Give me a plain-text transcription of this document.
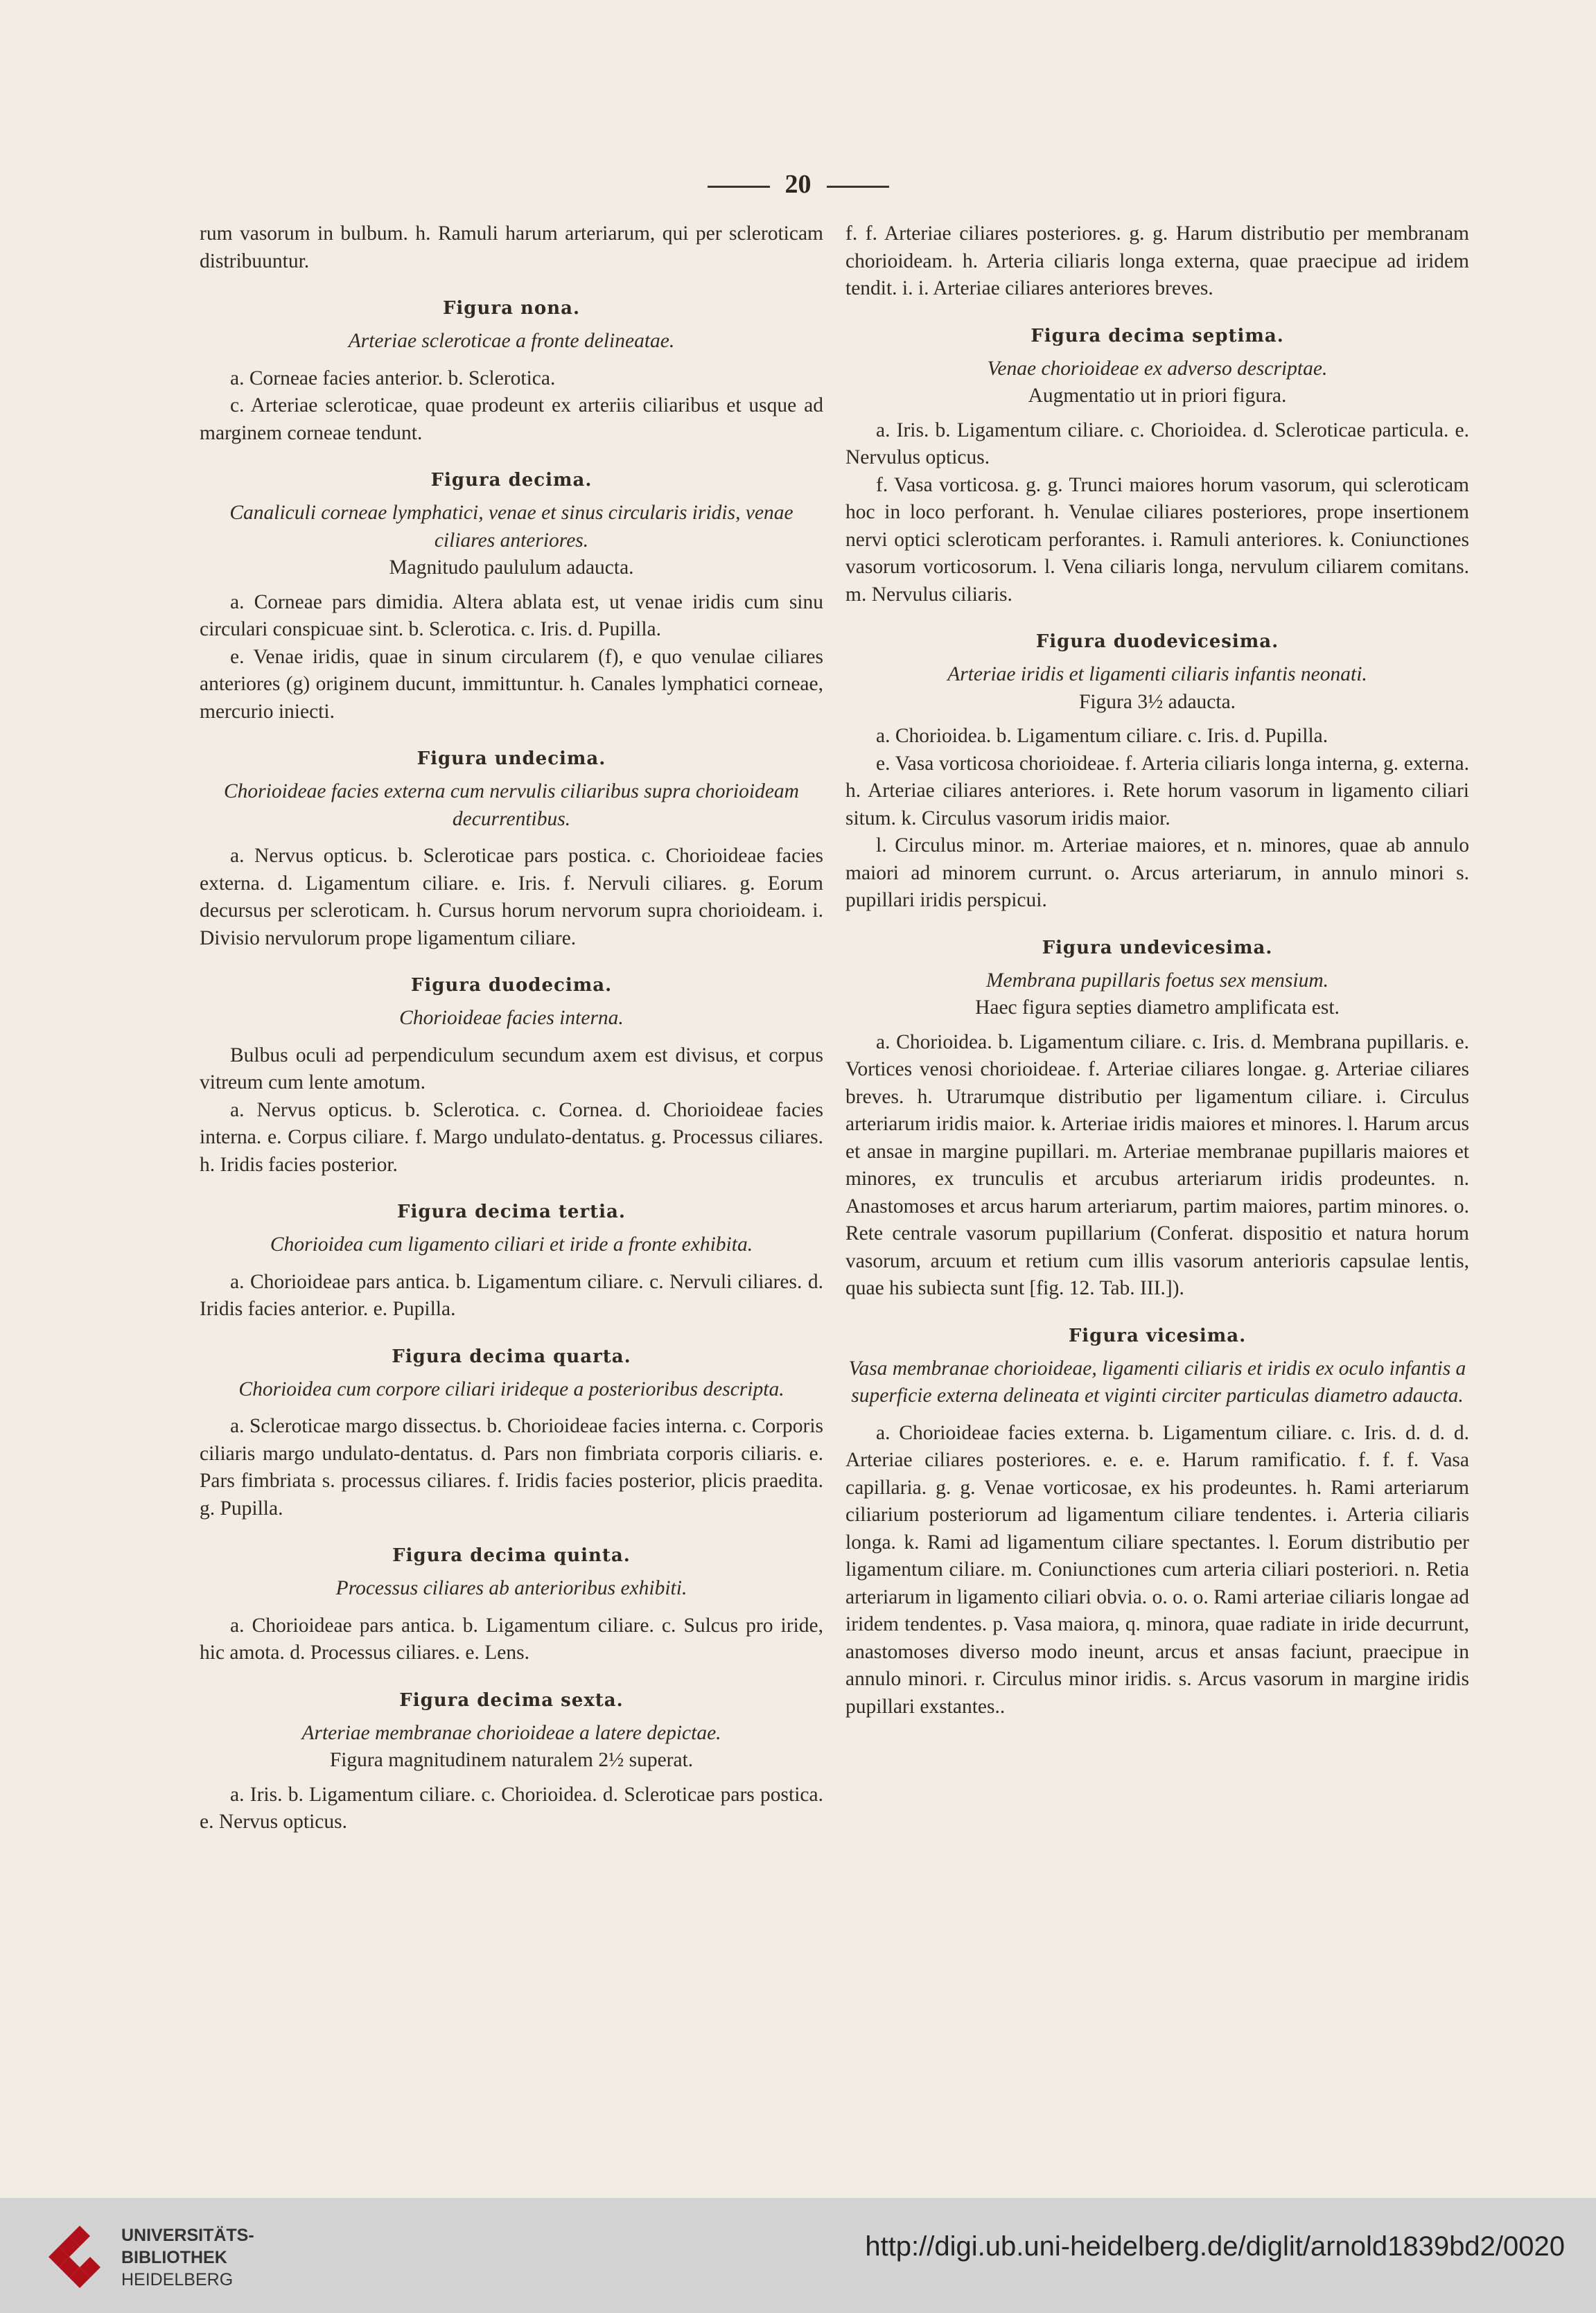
20

rum vasorum in bulbum. h. Ramuli harum arteriarum, qui per scleroticam distribuuntur.

Figura nona.
Arteriae scleroticae a fronte delineatae.

a. Corneae facies anterior. b. Sclerotica.

c. Arteriae scleroticae, quae prodeunt ex arteriis ciliaribus et usque ad marginem corneae tendunt.

Figura decima.
Canaliculi corneae lymphatici, venae et sinus circularis iridis, venae ciliares anteriores.
Magnitudo paululum adaucta.

a. Corneae pars dimidia. Altera ablata est, ut venae iridis cum sinu circulari conspicuae sint. b. Sclerotica. c. Iris. d. Pupilla.

e. Venae iridis, quae in sinum circularem (f), e quo venulae ciliares anteriores (g) originem ducunt, immittuntur. h. Canales lymphatici corneae, mercurio iniecti.

Figura undecima.
Chorioideae facies externa cum nervulis ciliaribus supra chorioideam decurrentibus.

a. Nervus opticus. b. Scleroticae pars postica. c. Chorioideae facies externa. d. Ligamentum ciliare. e. Iris. f. Nervuli ciliares. g. Eorum decursus per scleroticam. h. Cursus horum nervorum supra chorioideam. i. Divisio nervulorum prope ligamentum ciliare.

Figura duodecima.
Chorioideae facies interna.

Bulbus oculi ad perpendiculum secundum axem est divisus, et corpus vitreum cum lente amotum.

a. Nervus opticus. b. Sclerotica. c. Cornea. d. Chorioideae facies interna. e. Corpus ciliare. f. Margo undulato-dentatus. g. Processus ciliares. h. Iridis facies posterior.

Figura decima tertia.
Chorioidea cum ligamento ciliari et iride a fronte exhibita.

a. Chorioideae pars antica. b. Ligamentum ciliare. c. Nervuli ciliares. d. Iridis facies anterior. e. Pupilla.

Figura decima quarta.
Chorioidea cum corpore ciliari irideque a posterioribus descripta.

a. Scleroticae margo dissectus. b. Chorioideae facies interna. c. Corporis ciliaris margo undulato-dentatus. d. Pars non fimbriata corporis ciliaris. e. Pars fimbriata s. processus ciliares. f. Iridis facies posterior, plicis praedita. g. Pupilla.

Figura decima quinta.
Processus ciliares ab anterioribus exhibiti.

a. Chorioideae pars antica. b. Ligamentum ciliare. c. Sulcus pro iride, hic amota. d. Processus ciliares. e. Lens.

Figura decima sexta.
Arteriae membranae chorioideae a latere depictae.
Figura magnitudinem naturalem 2½ superat.

a. Iris. b. Ligamentum ciliare. c. Chorioidea. d. Scleroticae pars postica. e. Nervus opticus.

f. f. Arteriae ciliares posteriores. g. g. Harum distributio per membranam chorioideam. h. Arteria ciliaris longa externa, quae praecipue ad iridem tendit. i. i. Arteriae ciliares anteriores breves.

Figura decima septima.
Venae chorioideae ex adverso descriptae.
Augmentatio ut in priori figura.

a. Iris. b. Ligamentum ciliare. c. Chorioidea. d. Scleroticae particula. e. Nervulus opticus.

f. Vasa vorticosa. g. g. Trunci maiores horum vasorum, qui scleroticam hoc in loco perforant. h. Venulae ciliares posteriores, prope insertionem nervi optici scleroticam perforantes. i. Ramuli anteriores. k. Coniunctiones vasorum vorticosorum. l. Vena ciliaris longa, nervulum ciliarem comitans. m. Nervulus ciliaris.

Figura duodevicesima.
Arteriae iridis et ligamenti ciliaris infantis neonati.
Figura 3½ adaucta.

a. Chorioidea. b. Ligamentum ciliare. c. Iris. d. Pupilla.

e. Vasa vorticosa chorioideae. f. Arteria ciliaris longa interna, g. externa. h. Arteriae ciliares anteriores. i. Rete horum vasorum in ligamento ciliari situm. k. Circulus vasorum iridis maior.

l. Circulus minor. m. Arteriae maiores, et n. minores, quae ab annulo maiori ad minorem currunt. o. Arcus arteriarum, in annulo minori s. pupillari iridis perspicui.

Figura undevicesima.
Membrana pupillaris foetus sex mensium.
Haec figura septies diametro amplificata est.

a. Chorioidea. b. Ligamentum ciliare. c. Iris. d. Membrana pupillaris. e. Vortices venosi chorioideae. f. Arteriae ciliares longae. g. Arteriae ciliares breves. h. Utrarumque distributio per ligamentum ciliare. i. Circulus arteriarum iridis maior. k. Arteriae iridis maiores et minores. l. Harum arcus et ansae in margine pupillari. m. Arteriae membranae pupillaris maiores et minores, ex trunculis et arcubus arteriarum iridis prodeuntes. n. Anastomoses et arcus harum arteriarum, partim maiores, partim minores. o. Rete centrale vasorum pupillarium (Conferat. dispositio et natura horum vasorum, arcuum et retium cum illis vasorum anterioris capsulae lentis, quae his subiecta sunt [fig. 12. Tab. III.]).

Figura vicesima.
Vasa membranae chorioideae, ligamenti ciliaris et iridis ex oculo infantis a superficie externa delineata et viginti circiter particulas diametro adaucta.

a. Chorioideae facies externa. b. Ligamentum ciliare. c. Iris. d. d. d. Arteriae ciliares posteriores. e. e. e. Harum ramificatio. f. f. f. Vasa capillaria. g. g. Venae vorticosae, ex his prodeuntes. h. Rami arteriarum ciliarium posteriorum ad ligamentum ciliare tendentes. i. Arteria ciliaris longa. k. Rami ad ligamentum ciliare spectantes. l. Eorum distributio per ligamentum ciliare. m. Coniunctiones cum arteria ciliari posteriori. n. Retia arteriarum in ligamento ciliari obvia. o. o. o. Rami arteriae ciliaris longae ad iridem tendentes. p. Vasa maiora, q. minora, quae radiate in iride decurrunt, anastomoses diverso modo ineunt, arcus et ansas faciunt, praecipue in annulo minori. r. Circulus minor iridis. s. Arcus vasorum in margine iridis pupillari exstantes..

UNIVERSITÄTS-
BIBLIOTHEK
HEIDELBERG
http://digi.ub.uni-heidelberg.de/diglit/arnold1839bd2/0020
